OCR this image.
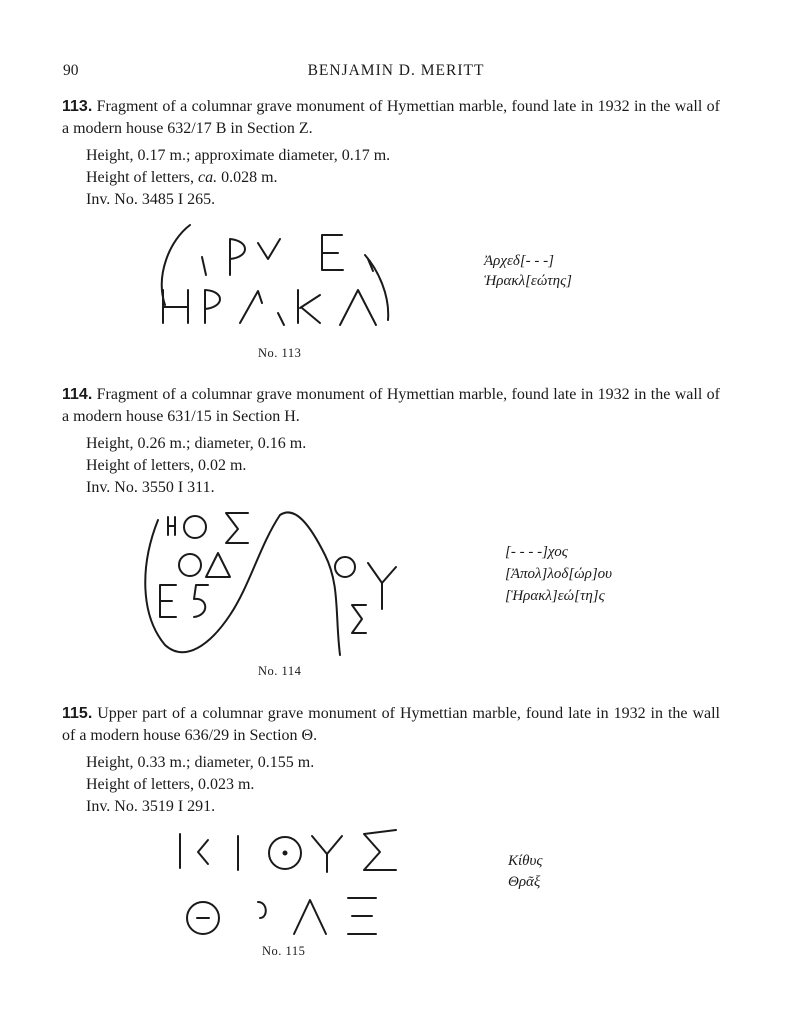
90	BENJAMIN D. MERITT
113. Fragment of a columnar grave monument of Hymettian marble, found late in 1932 in the wall of a modern house 632/17 B in Section Ζ.
Height, 0.17 m.; approximate diameter, 0.17 m.
Height of letters, ca. 0.028 m.
Inv. No. 3485 I 265.
No. 113
Ἀρχεδ[- - -]
Ἡρακλ[εώτης]
114. Fragment of a columnar grave monument of Hymettian marble, found late in 1932 in the wall of a modern house 631/15 in Section Η.
Height, 0.26 m.; diameter, 0.16 m.
Height of letters, 0.02 m.
Inv. No. 3550 I 311.
No. 114
[- - - -]χος
[Ἀπολ]λοδ[ώρ]ου
[Ἡρακλ]εώ[τη]ς
115. Upper part of a columnar grave monument of Hymettian marble, found late in 1932 in the wall of a modern house 636/29 in Section Θ.
Height, 0.33 m.; diameter, 0.155 m.
Height of letters, 0.023 m.
Inv. No. 3519 I 291.
No. 115
Κίθυς
Θρᾶξ
